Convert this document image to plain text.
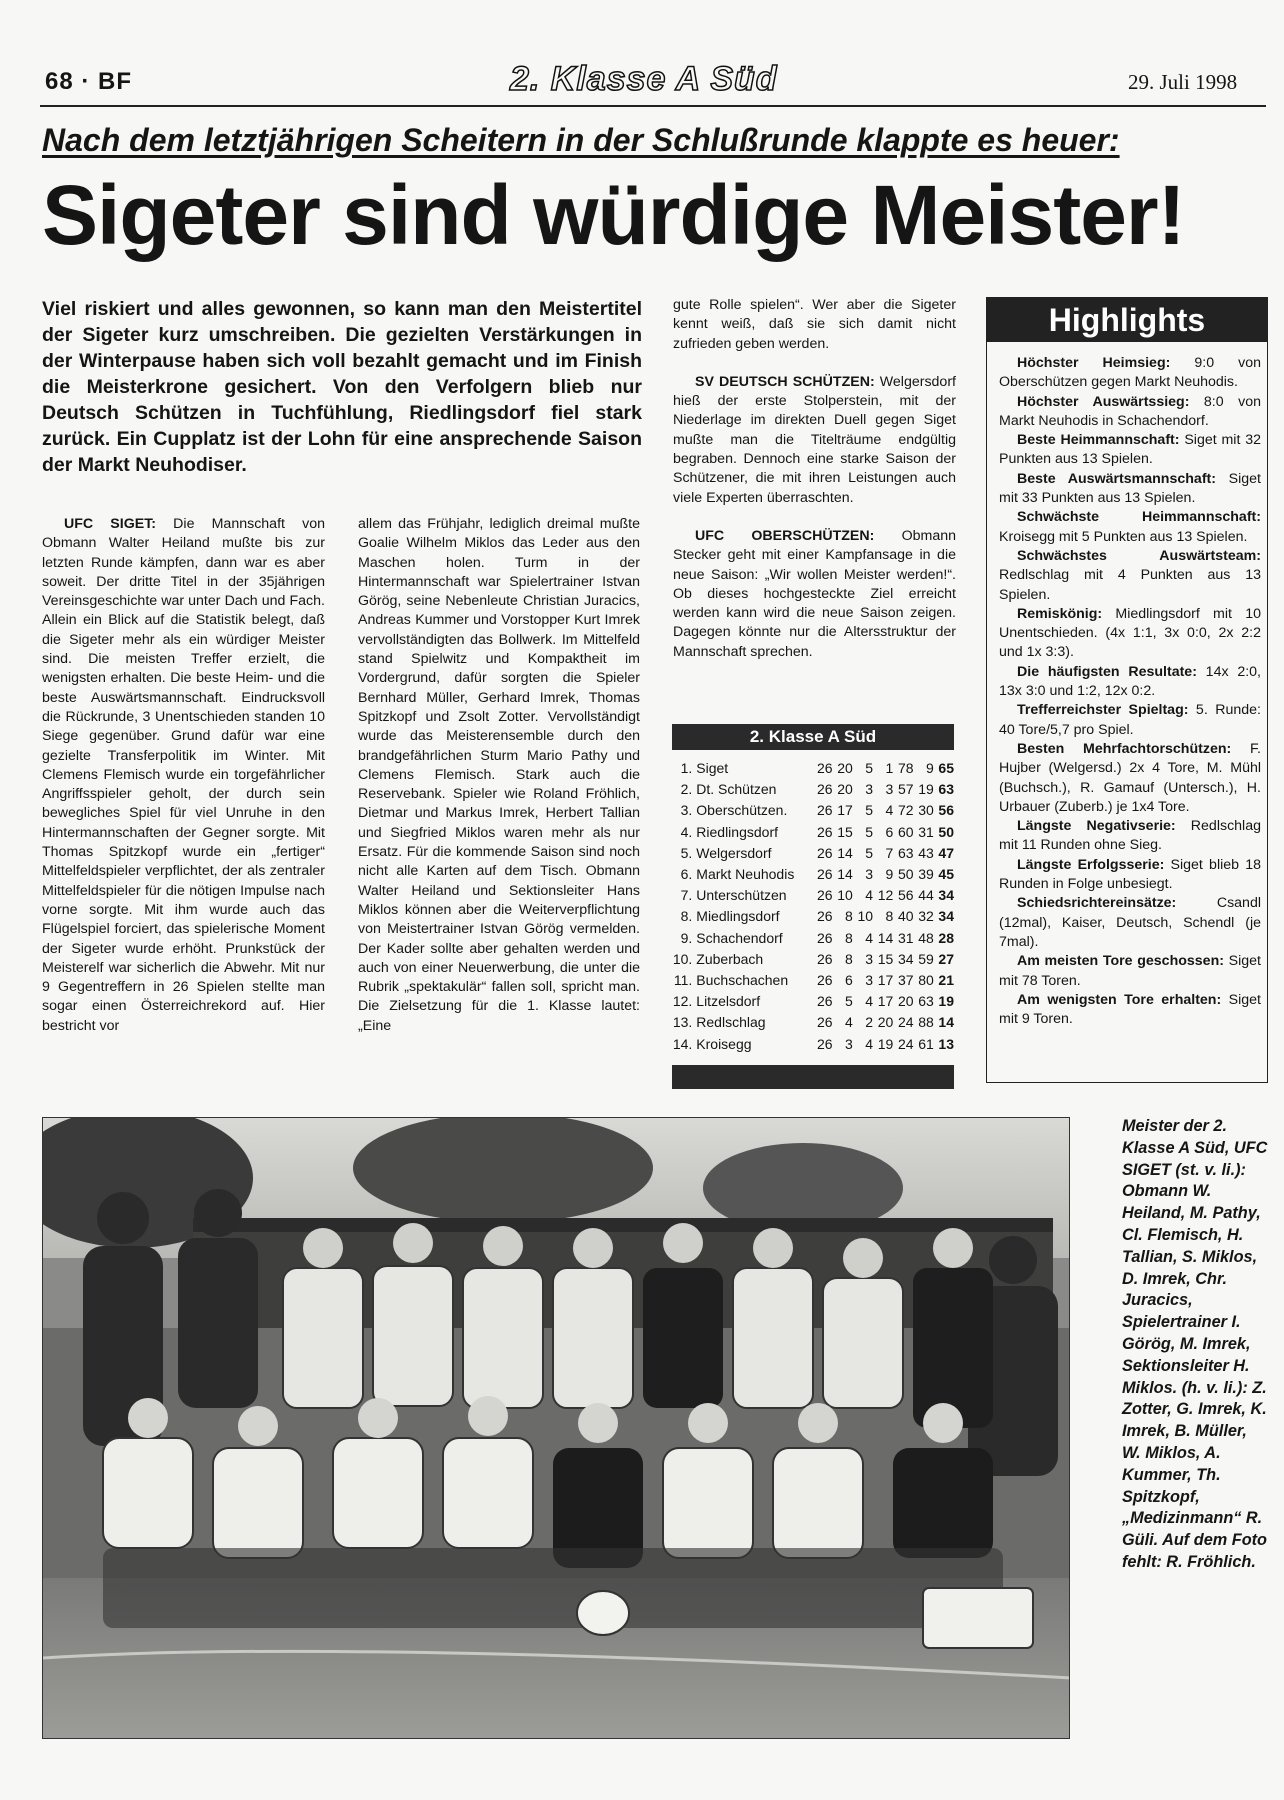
68 · BF	2. Klasse A Süd	29. Juli 1998
Nach dem letztjährigen Scheitern in der Schlußrunde klappte es heuer:
Sigeter sind würdige Meister!
Viel riskiert und alles gewonnen, so kann man den Meistertitel der Sigeter kurz umschreiben. Die gezielten Verstärkungen in der Winterpause haben sich voll bezahlt gemacht und im Finish die Meisterkrone gesichert. Von den Verfolgern blieb nur Deutsch Schützen in Tuchfühlung, Riedlingsdorf fiel stark zurück. Ein Cupplatz ist der Lohn für eine ansprechende Saison der Markt Neuhodiser.

UFC SIGET: Die Mannschaft von Obmann Walter Heiland mußte bis zur letzten Runde kämpfen, dann war es aber soweit. Der dritte Titel in der 35jährigen Vereinsgeschichte war unter Dach und Fach. Allein ein Blick auf die Statistik belegt, daß die Sigeter mehr als ein würdiger Meister sind. Die meisten Treffer erzielt, die wenigsten erhalten. Die beste Heim- und die beste Auswärtsmannschaft. Eindrucksvoll die Rückrunde, 3 Unentschieden standen 10 Siege gegenüber. Grund dafür war eine gezielte Transferpolitik im Winter. Mit Clemens Flemisch wurde ein torgefährlicher Angriffsspieler geholt, der durch sein bewegliches Spiel für viel Unruhe in den Hintermannschaften der Gegner sorgte. Mit Thomas Spitzkopf wurde ein „fertiger“ Mittelfeldspieler verpflichtet, der als zentraler Mittelfeldspieler für die nötigen Impulse nach vorne sorgte. Mit ihm wurde auch das Flügelspiel forciert, das spielerische Moment der Sigeter wurde erhöht. Prunkstück der Meisterelf war sicherlich die Abwehr. Mit nur 9 Gegentreffern in 26 Spielen stellte man sogar einen Österreichrekord auf. Hier bestricht vor

allem das Frühjahr, lediglich dreimal mußte Goalie Wilhelm Miklos das Leder aus den Maschen holen. Turm in der Hintermannschaft war Spielertrainer Istvan Görög, seine Nebenleute Christian Juracics, Andreas Kummer und Vorstopper Kurt Imrek vervollständigten das Bollwerk. Im Mittelfeld stand Spielwitz und Kompaktheit im Vordergrund, dafür sorgten die Spieler Bernhard Müller, Gerhard Imrek, Thomas Spitzkopf und Zsolt Zotter. Vervollständigt wurde das Meisterensemble durch den brandgefährlichen Sturm Mario Pathy und Clemens Flemisch. Stark auch die Reservebank. Spieler wie Roland Fröhlich, Dietmar und Markus Imrek, Herbert Tallian und Siegfried Miklos waren mehr als nur Ersatz. Für die kommende Saison sind noch nicht alle Karten auf dem Tisch. Obmann Walter Heiland und Sektionsleiter Hans Miklos können aber die Weiterverpflichtung von Meistertrainer Istvan Görög vermelden. Der Kader sollte aber gehalten werden und auch von einer Neuerwerbung, die unter die Rubrik „spektakulär“ fallen soll, spricht man. Die Zielsetzung für die 1. Klasse lautet: „Eine

gute Rolle spielen“. Wer aber die Sigeter kennt weiß, daß sie sich damit nicht zufrieden geben werden.

SV DEUTSCH SCHÜTZEN: Welgersdorf hieß der erste Stolperstein, mit der Niederlage im direkten Duell gegen Siget mußte man die Titelträume endgültig begraben. Dennoch eine starke Saison der Schützener, die mit ihren Leistungen auch viele Experten überraschten.

UFC OBERSCHÜTZEN: Obmann Stecker geht mit einer Kampfansage in die neue Saison: „Wir wollen Meister werden!“. Ob dieses hochgesteckte Ziel erreicht werden kann wird die neue Saison zeigen. Dagegen könnte nur die Altersstruktur der Mannschaft sprechen.

2. Klasse A Süd
1.	Siget	26	20	5	1	78	9	65
2.	Dt. Schützen	26	20	3	3	57	19	63
3.	Oberschützen.	26	17	5	4	72	30	56
4.	Riedlingsdorf	26	15	5	6	60	31	50
5.	Welgersdorf	26	14	5	7	63	43	47
6.	Markt Neuhodis	26	14	3	9	50	39	45
7.	Unterschützen	26	10	4	12	56	44	34
8.	Miedlingsdorf	26	8	10	8	40	32	34
9.	Schachendorf	26	8	4	14	31	48	28
10.	Zuberbach	26	8	3	15	34	59	27
11.	Buchschachen	26	6	3	17	37	80	21
12.	Litzelsdorf	26	5	4	17	20	63	19
13.	Redlschlag	26	4	2	20	24	88	14
14.	Kroisegg	26	3	4	19	24	61	13
Highlights

Höchster Heimsieg: 9:0 von Oberschützen gegen Markt Neuhodis.

Höchster Auswärtssieg: 8:0 von Markt Neuhodis in Schachendorf.

Beste Heimmannschaft: Siget mit 32 Punkten aus 13 Spielen.

Beste Auswärtsmannschaft: Siget mit 33 Punkten aus 13 Spielen.

Schwächste Heimmannschaft: Kroisegg mit 5 Punkten aus 13 Spielen.

Schwächstes Auswärtsteam: Redlschlag mit 4 Punkten aus 13 Spielen.

Remiskönig: Miedlingsdorf mit 10 Unentschieden. (4x 1:1, 3x 0:0, 2x 2:2 und 1x 3:3).

Die häufigsten Resultate: 14x 2:0, 13x 3:0 und 1:2, 12x 0:2.

Trefferreichster Spieltag: 5. Runde: 40 Tore/5,7 pro Spiel.

Besten Mehrfachtorschützen: F. Hujber (Welgersd.) 2x 4 Tore, M. Mühl (Buchsch.), R. Gamauf (Untersch.), H. Urbauer (Zuberb.) je 1x4 Tore.

Längste Negativserie: Redlschlag mit 11 Runden ohne Sieg.

Längste Erfolgsserie: Siget blieb 18 Runden in Folge unbesiegt.

Schiedsrichtereinsätze: Csandl (12mal), Kaiser, Deutsch, Schendl (je 7mal).

Am meisten Tore geschossen: Siget mit 78 Toren.

Am wenigsten Tore erhalten: Siget mit 9 Toren.

Meister der 2. Klasse A Süd, UFC SIGET (st. v. li.): Obmann W. Heiland, M. Pathy, Cl. Flemisch, H. Tallian, S. Miklos, D. Imrek, Chr. Juracics, Spielertrainer I. Görög, M. Imrek, Sektionsleiter H. Miklos. (h. v. li.): Z. Zotter, G. Imrek, K. Imrek, B. Müller, W. Miklos, A. Kummer, Th. Spitzkopf, „Medizinmann“ R. Güli. Auf dem Foto fehlt: R. Fröhlich.
